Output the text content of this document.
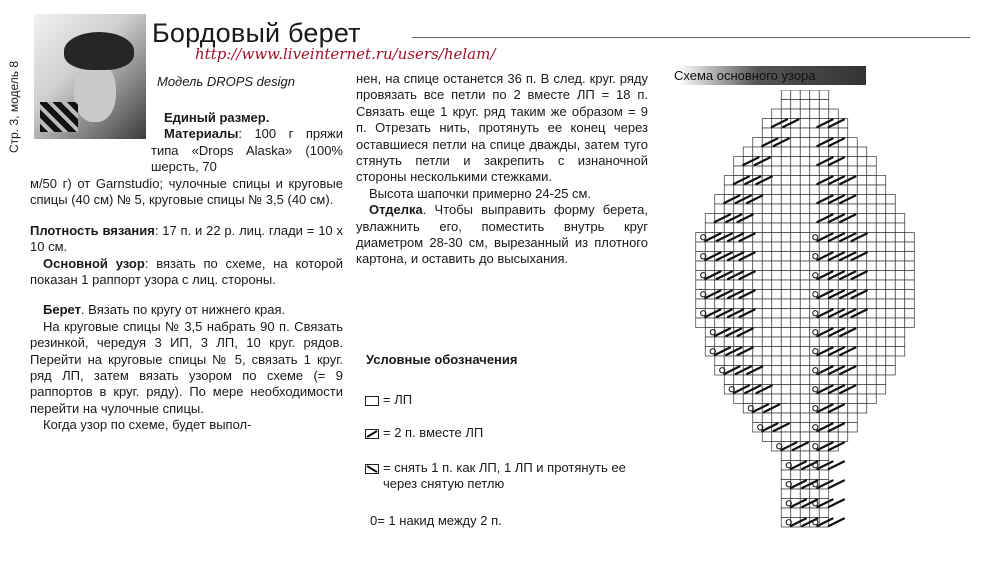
Стр. 3, модель 8
Бордовый берет
http://www.liveinternet.ru/users/helam/
Модель DROPS design

Единый размер.

Материалы: 100 г пряжи типа «Drops Alaska» (100% шерсть, 70

м/50 г) от Garnstudio; чулочные спицы и круговые спицы (40 см) № 5, круговые спицы № 3,5 (40 см).

Плотность вязания: 17 п. и 22 р. лиц. глади = 10 х 10 см.

Основной узор: вязать по схеме, на которой показан 1 раппорт узора с лиц. стороны.

Берет. Вязать по кругу от нижнего края.

На круговые спицы № 3,5 набрать 90 п. Связать резинкой, чередуя 3 ИП, 3 ЛП, 10 круг. рядов. Перейти на круговые спицы № 5, связать 1 круг. ряд ЛП, затем вязать узором по схеме (= 9 раппортов в круг. ряду). По мере необходимости перейти на чулочные спицы.

Когда узор по схеме, будет выпол-

нен, на спице останется 36 п. В след. круг. ряду провязать все петли по 2 вместе ЛП = 18 п. Связать еще 1 круг. ряд таким же образом = 9 п. Отрезать нить, протянуть ее конец через оставшиеся петли на спице дважды, затем туго стянуть петли и закрепить с изнаночной стороны несколькими стежками.

Высота шапочки примерно 24-25 см.

Отделка. Чтобы выправить форму берета, увлажнить его, поместить внутрь круг диаметром 28-30 см, вырезанный из плотного картона, и оставить до высыхания.

Условные обозначения
= ЛП
= 2 п. вместе ЛП
= снять 1 п. как ЛП, 1 ЛП и протянуть ее через снятую петлю
0= 1 накид между 2 п.
Схема основного узора
